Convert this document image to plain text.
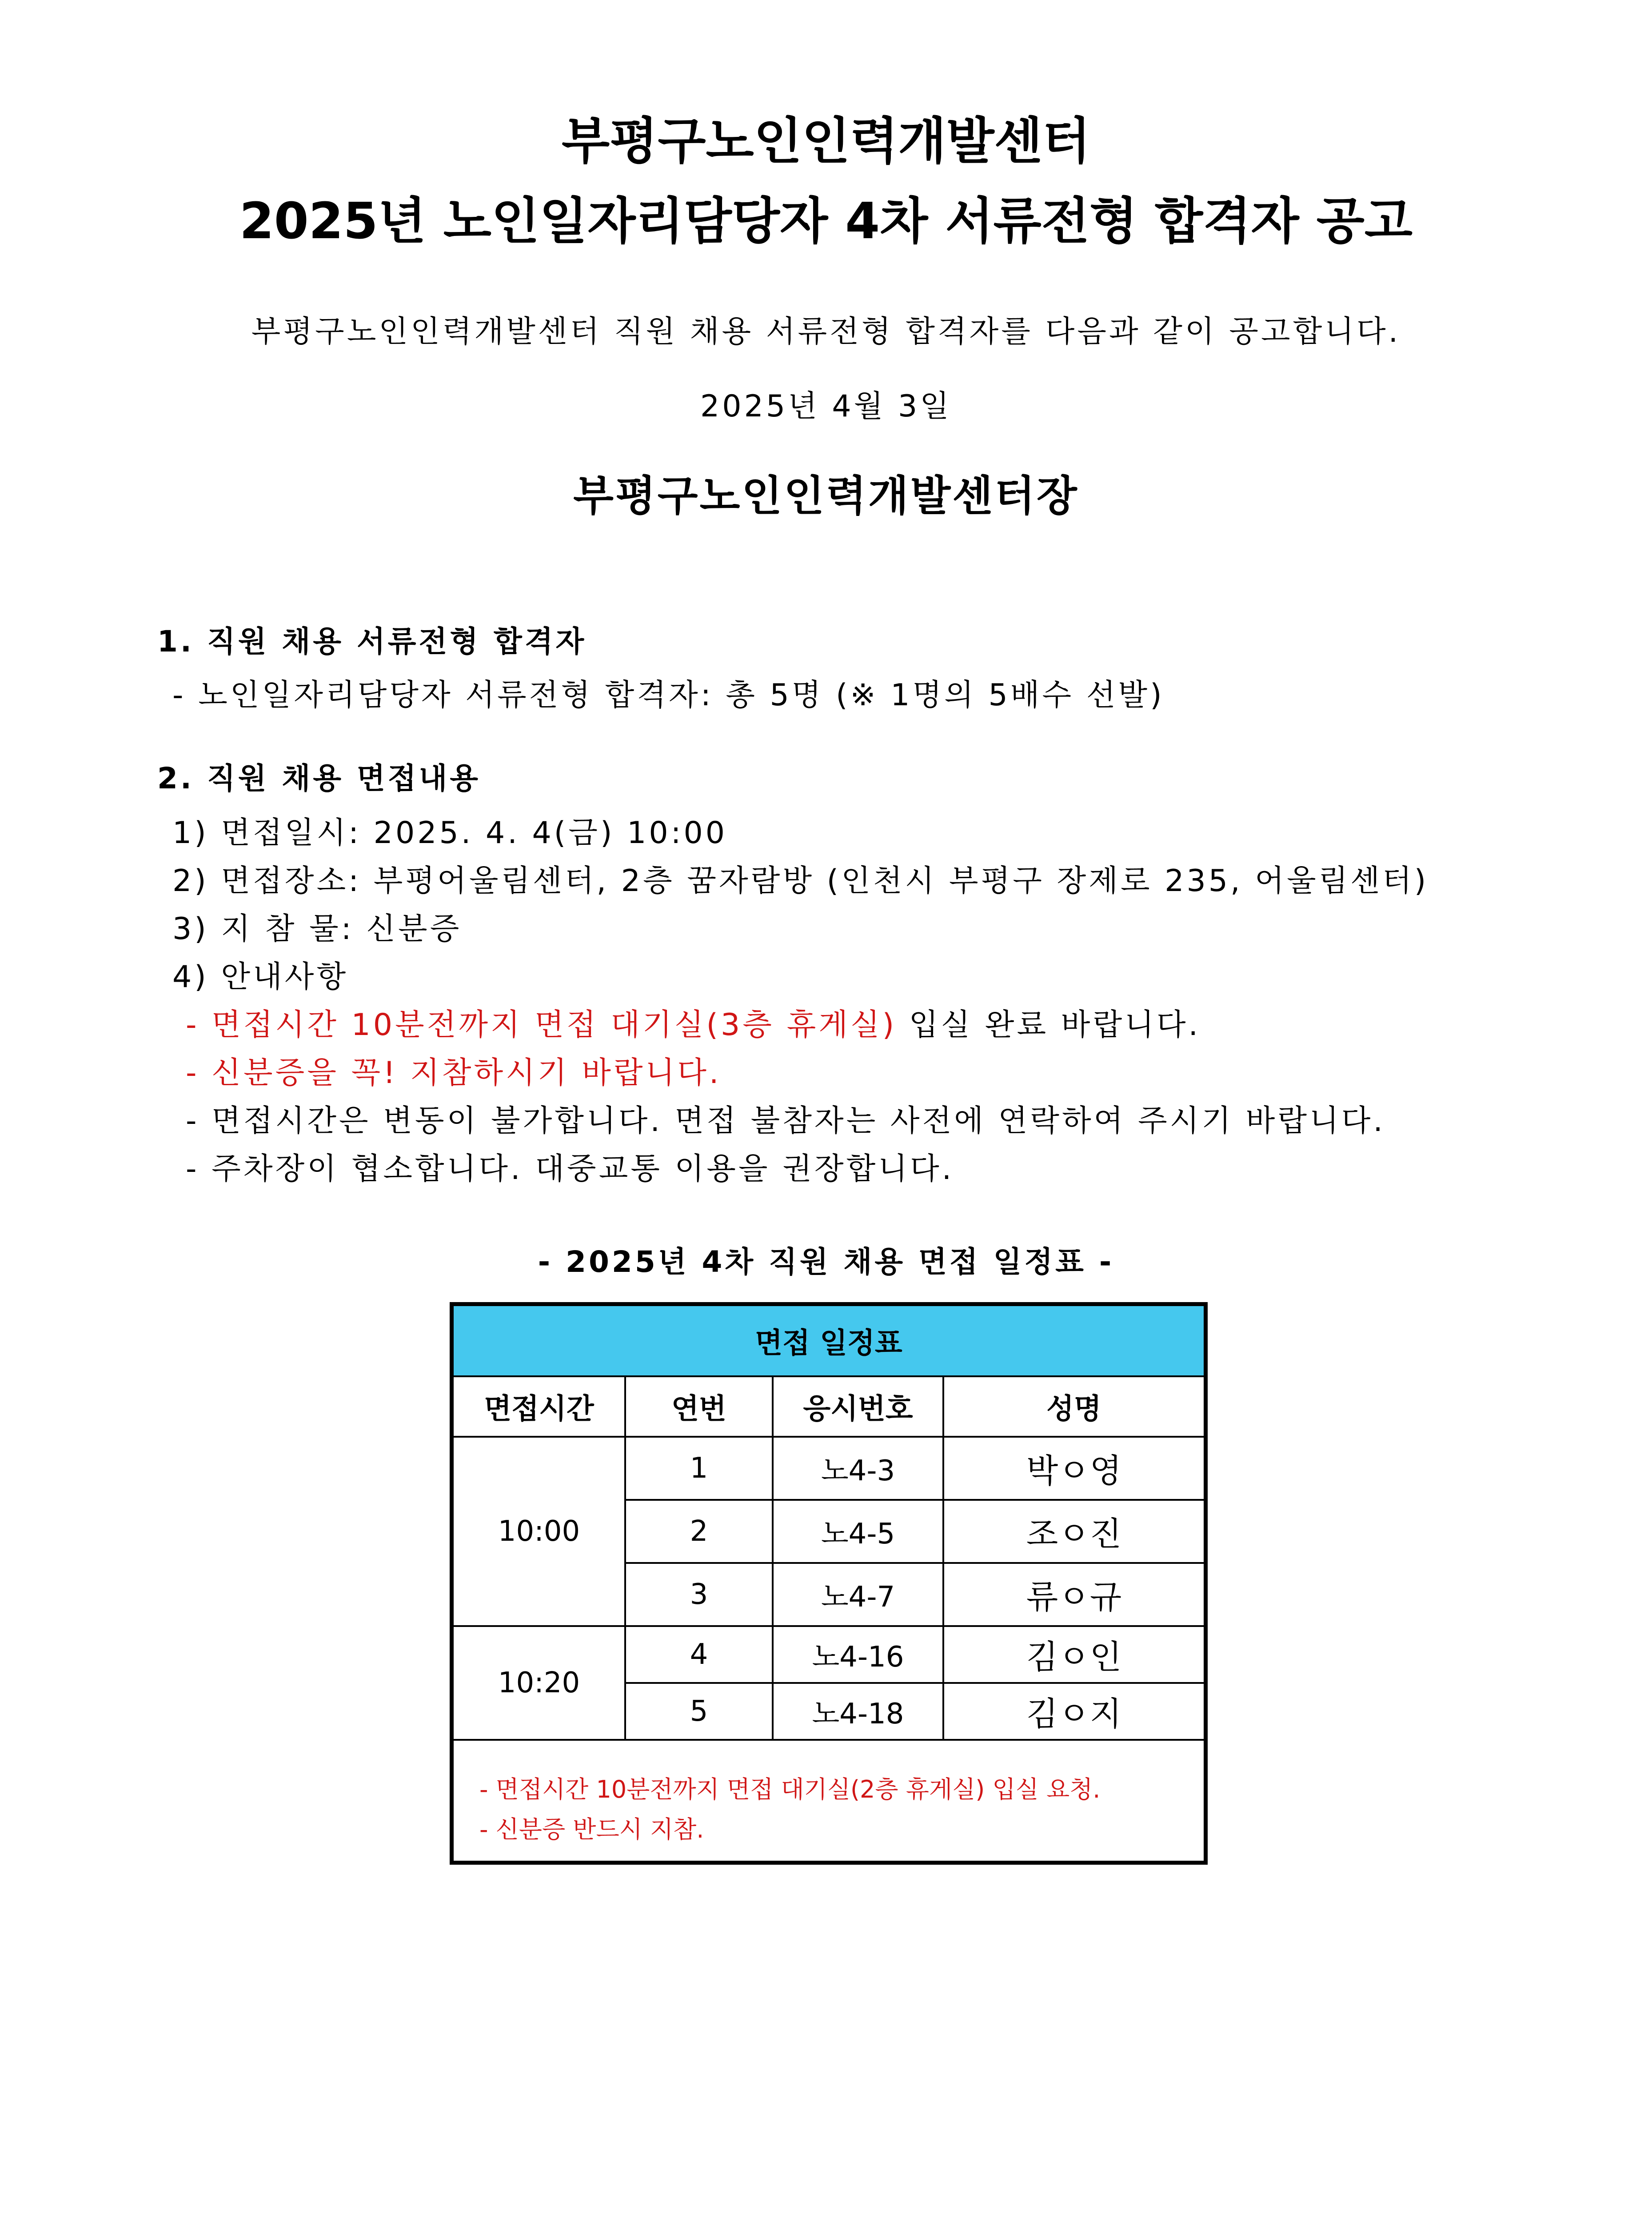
부평구노인인력개발센터
2025년 노인일자리담당자 4차 서류전형 합격자 공고
부평구노인인력개발센터 직원 채용 서류전형 합격자를 다음과 같이 공고합니다.
2025년 4월 3일
부평구노인인력개발센터장
1. 직원 채용 서류전형 합격자
- 노인일자리담당자 서류전형 합격자: 총 5명 (※ 1명의 5배수 선발)
2. 직원 채용 면접내용
1) 면접일시: 2025. 4. 4(금) 10:00
2) 면접장소: 부평어울림센터, 2층 꿈자람방 (인천시 부평구 장제로 235, 어울림센터)
3) 지 참 물: 신분증
4) 안내사항
- 면접시간 10분전까지 면접 대기실(3층 휴게실) 입실 완료 바랍니다.
- 신분증을 꼭! 지참하시기 바랍니다.
- 면접시간은 변동이 불가합니다. 면접 불참자는 사전에 연락하여 주시기 바랍니다.
- 주차장이 협소합니다. 대중교통 이용을 권장합니다.
- 2025년 4차 직원 채용 면접 일정표 -
면접 일정표
면접시간	연번	응시번호	성명
10:00
1	노4-3	박ㅇ영
2	노4-5	조ㅇ진
3	노4-7	류ㅇ규
10:20
4	노4-16	김ㅇ인
5	노4-18	김ㅇ지
- 면접시간 10분전까지 면접 대기실(2층 휴게실) 입실 요청.
- 신분증 반드시 지참.
